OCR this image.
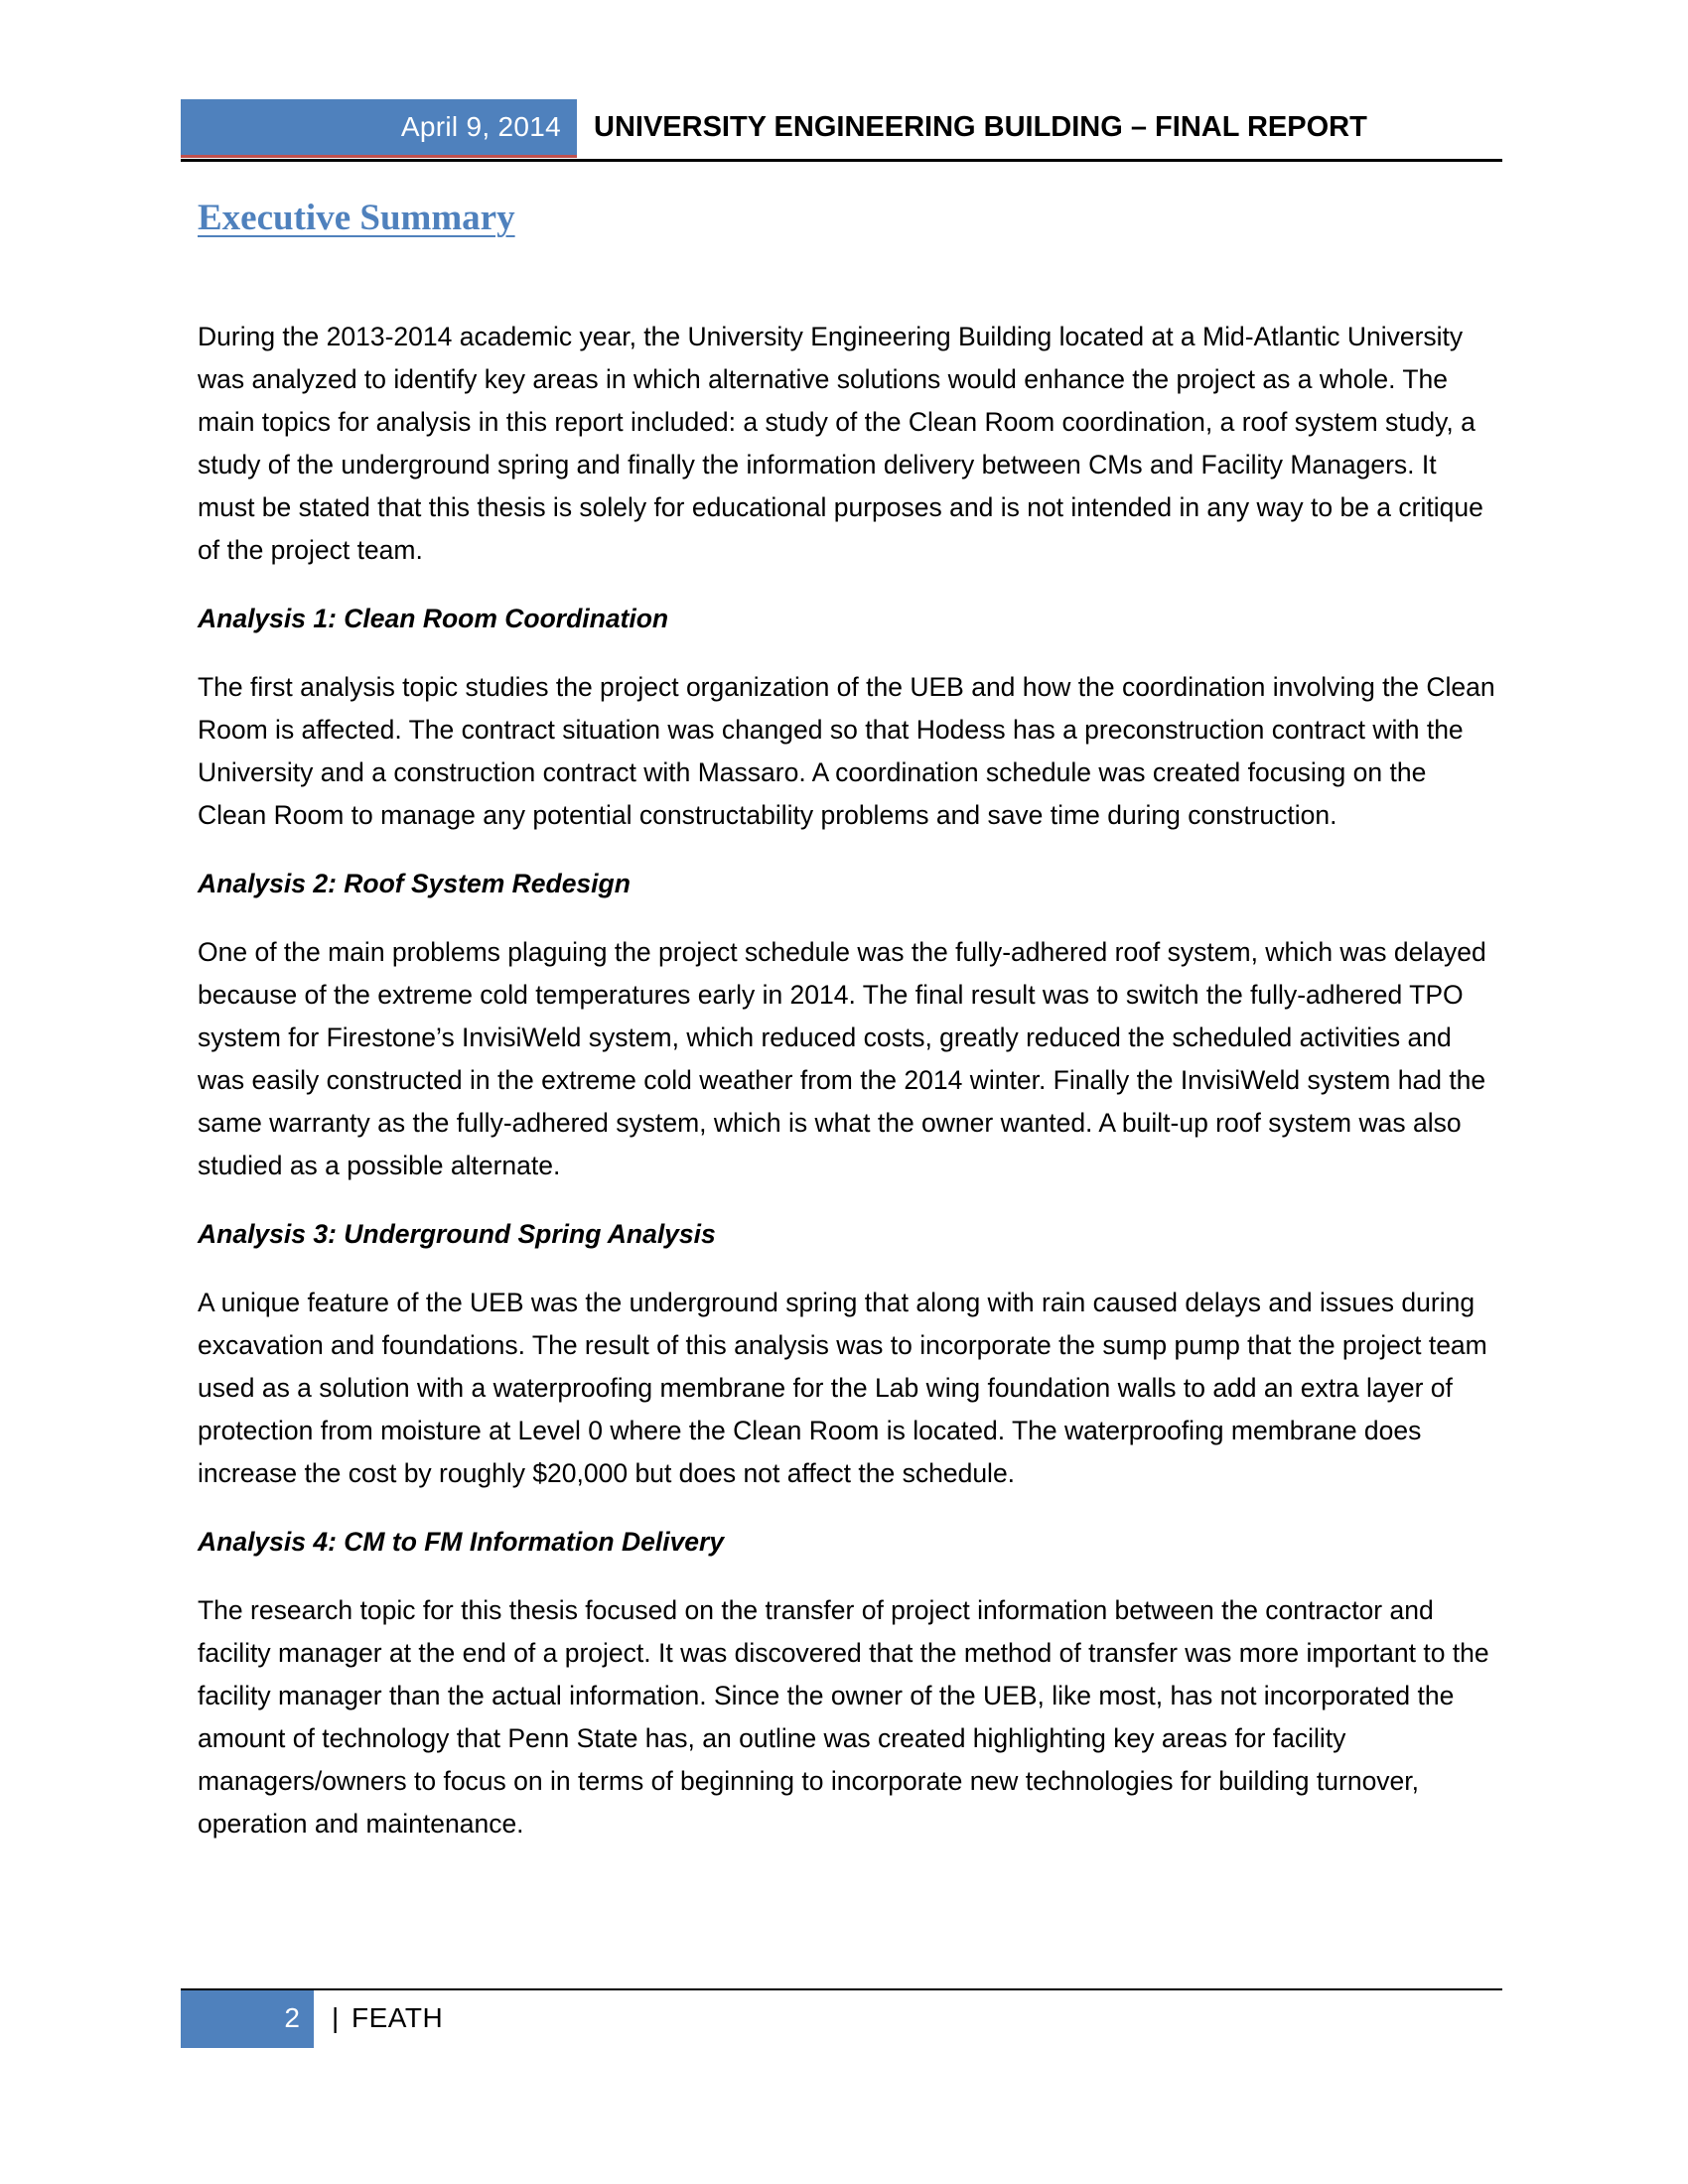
April 9, 2014 UNIVERSITY ENGINEERING BUILDING – FINAL REPORT
Executive Summary

During the 2013-2014 academic year, the University Engineering Building located at a Mid-Atlantic University was analyzed to identify key areas in which alternative solutions would enhance the project as a whole. The main topics for analysis in this report included: a study of the Clean Room coordination, a roof system study, a study of the underground spring and finally the information delivery between CMs and Facility Managers. It must be stated that this thesis is solely for educational purposes and is not intended in any way to be a critique of the project team.

Analysis 1: Clean Room Coordination

The first analysis topic studies the project organization of the UEB and how the coordination involving the Clean Room is affected. The contract situation was changed so that Hodess has a preconstruction contract with the University and a construction contract with Massaro. A coordination schedule was created focusing on the Clean Room to manage any potential constructability problems and save time during construction.

Analysis 2: Roof System Redesign

One of the main problems plaguing the project schedule was the fully-adhered roof system, which was delayed because of the extreme cold temperatures early in 2014. The final result was to switch the fully-adhered TPO system for Firestone’s InvisiWeld system, which reduced costs, greatly reduced the scheduled activities and was easily constructed in the extreme cold weather from the 2014 winter. Finally the InvisiWeld system had the same warranty as the fully-adhered system, which is what the owner wanted. A built-up roof system was also studied as a possible alternate.

Analysis 3: Underground Spring Analysis

A unique feature of the UEB was the underground spring that along with rain caused delays and issues during excavation and foundations. The result of this analysis was to incorporate the sump pump that the project team used as a solution with a waterproofing membrane for the Lab wing foundation walls to add an extra layer of protection from moisture at Level 0 where the Clean Room is located. The waterproofing membrane does increase the cost by roughly $20,000 but does not affect the schedule.

Analysis 4: CM to FM Information Delivery

The research topic for this thesis focused on the transfer of project information between the contractor and facility manager at the end of a project. It was discovered that the method of transfer was more important to the facility manager than the actual information. Since the owner of the UEB, like most, has not incorporated the amount of technology that Penn State has, an outline was created highlighting key areas for facility managers/owners to focus on in terms of beginning to incorporate new technologies for building turnover, operation and maintenance.

2 | FEATH
